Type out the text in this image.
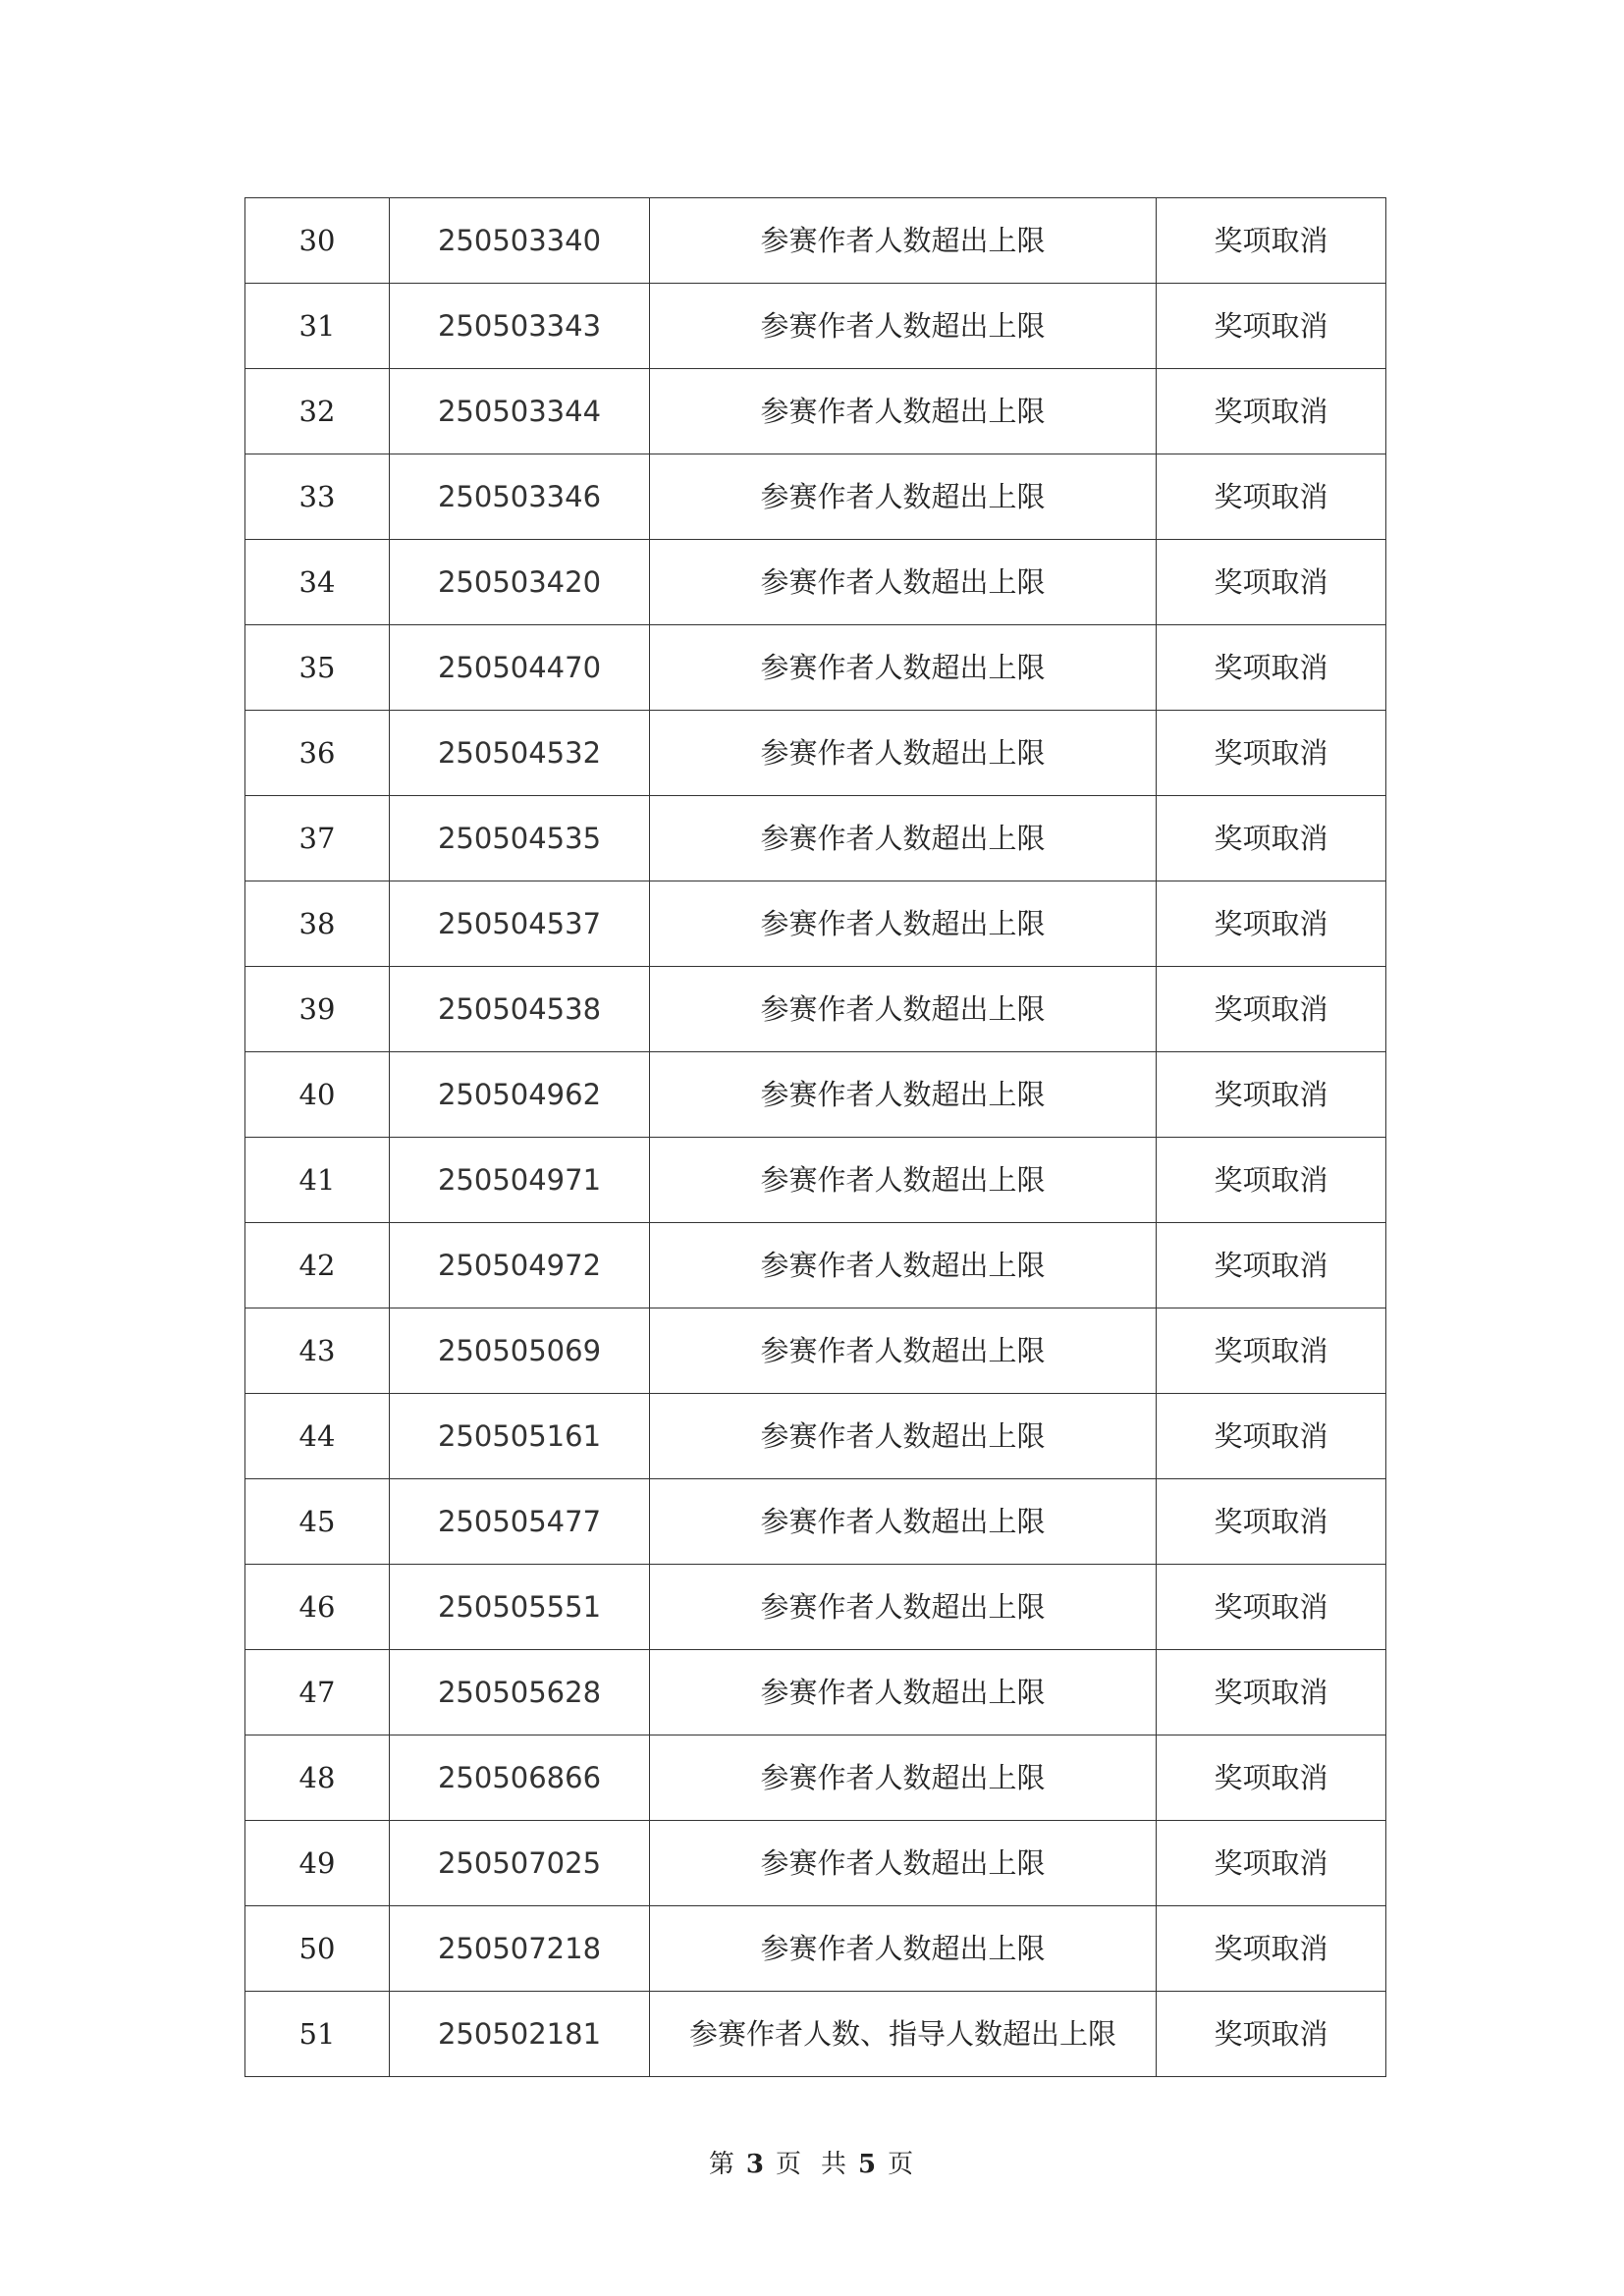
30	250503340	参赛作者人数超出上限	奖项取消
31	250503343	参赛作者人数超出上限	奖项取消
32	250503344	参赛作者人数超出上限	奖项取消
33	250503346	参赛作者人数超出上限	奖项取消
34	250503420	参赛作者人数超出上限	奖项取消
35	250504470	参赛作者人数超出上限	奖项取消
36	250504532	参赛作者人数超出上限	奖项取消
37	250504535	参赛作者人数超出上限	奖项取消
38	250504537	参赛作者人数超出上限	奖项取消
39	250504538	参赛作者人数超出上限	奖项取消
40	250504962	参赛作者人数超出上限	奖项取消
41	250504971	参赛作者人数超出上限	奖项取消
42	250504972	参赛作者人数超出上限	奖项取消
43	250505069	参赛作者人数超出上限	奖项取消
44	250505161	参赛作者人数超出上限	奖项取消
45	250505477	参赛作者人数超出上限	奖项取消
46	250505551	参赛作者人数超出上限	奖项取消
47	250505628	参赛作者人数超出上限	奖项取消
48	250506866	参赛作者人数超出上限	奖项取消
49	250507025	参赛作者人数超出上限	奖项取消
50	250507218	参赛作者人数超出上限	奖项取消
51	250502181	参赛作者人数、指导人数超出上限	奖项取消
第 3 页 共 5 页
